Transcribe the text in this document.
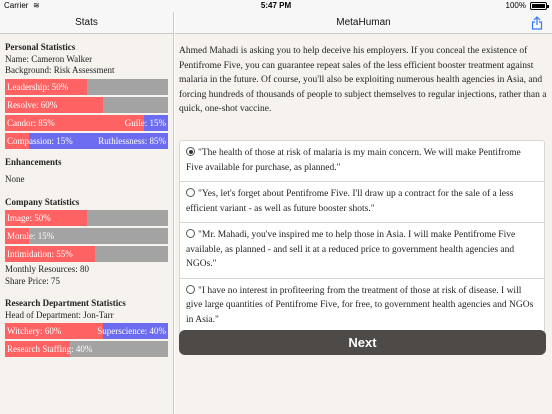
Carrier ≋	5:47 PM	100%
Stats
Personal Statistics
Name: Cameron Walker
Background: Risk Assessment
Leadership: 50%
Resolve: 60%
Candor: 85%	Guile: 15%
Compassion: 15%	Ruthlessness: 85%
Enhancements
None
Company Statistics
Image: 50%
Morale: 15%
Intimidation: 55%
Monthly Resources: 80
Share Price: 75
Research Department Statistics
Head of Department: Jon-Tarr
Witchery: 60%	Superscience: 40%
Research Staffing: 40%
MetaHuman
Ahmed Mahadi is asking you to help deceive his employers. If you conceal the existence of Pentifrome Five, you can guarantee repeat sales of the less efficient booster treatment against malaria in the future. Of course, you'll also be exploiting numerous health agencies in Asia, and forcing hundreds of thousands of people to subject themselves to regular injections, rather than a quick, one-shot vaccine.
"The health of those at risk of malaria is my main concern. We will make Pentifrome Five available for purchase, as planned."
"Yes, let's forget about Pentifrome Five. I'll draw up a contract for the sale of a less efficient variant - as well as future booster shots."
"Mr. Mahadi, you've inspired me to help those in Asia. I will make Pentifrome Five available, as planned - and sell it at a reduced price to government health agencies and NGOs."
"I have no interest in profiteering from the treatment of those at risk of disease. I will give large quantities of Pentifrome Five, for free, to government health agencies and NGOs in Asia."
Next
